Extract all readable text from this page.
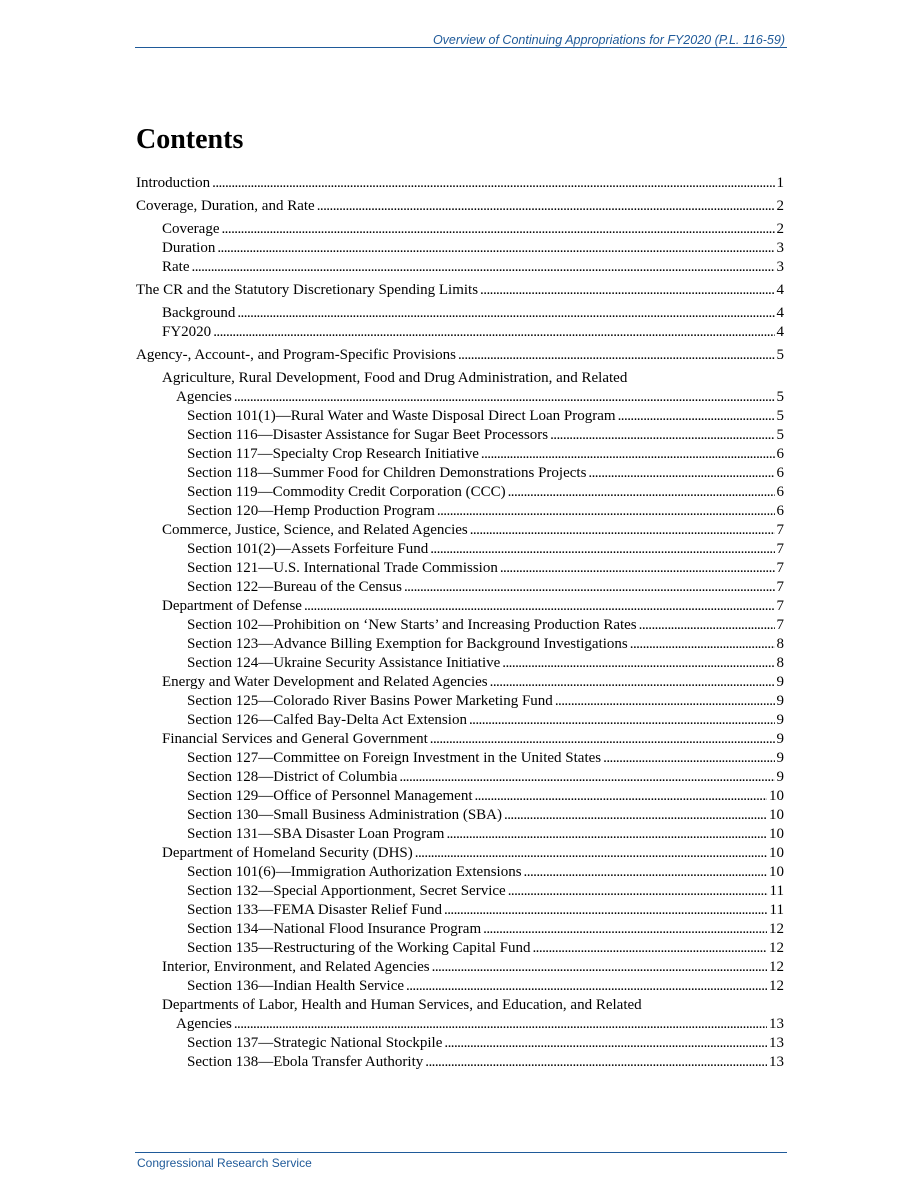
Overview of Continuing Appropriations for FY2020 (P.L. 116-59)
Contents
Introduction . . .	1
Coverage, Duration, and Rate . . .	2
Coverage . . .	2
Duration . . .	3
Rate . . .	3
The CR and the Statutory Discretionary Spending Limits . . .	4
Background . . .	4
FY2020 . . .	4
Agency-, Account-, and Program-Specific Provisions . . .	5
Agriculture, Rural Development, Food and Drug Administration, and Related
Agencies . . .	5
Section 101(1)—Rural Water and Waste Disposal Direct Loan Program . . .	5
Section 116—Disaster Assistance for Sugar Beet Processors . . .	5
Section 117—Specialty Crop Research Initiative . . .	6
Section 118—Summer Food for Children Demonstrations Projects . . .	6
Section 119—Commodity Credit Corporation (CCC) . . .	6
Section 120—Hemp Production Program . . .	6
Commerce, Justice, Science, and Related Agencies . . .	7
Section 101(2)—Assets Forfeiture Fund . . .	7
Section 121—U.S. International Trade Commission . . .	7
Section 122—Bureau of the Census . . .	7
Department of Defense . . .	7
Section 102—Prohibition on ‘New Starts’ and Increasing Production Rates . . .	7
Section 123—Advance Billing Exemption for Background Investigations . . .	8
Section 124—Ukraine Security Assistance Initiative . . .	8
Energy and Water Development and Related Agencies . . .	9
Section 125—Colorado River Basins Power Marketing Fund . . .	9
Section 126—Calfed Bay-Delta Act Extension . . .	9
Financial Services and General Government . . .	9
Section 127—Committee on Foreign Investment in the United States . . .	9
Section 128—District of Columbia . . .	9
Section 129—Office of Personnel Management . . .	10
Section 130—Small Business Administration (SBA) . . .	10
Section 131—SBA Disaster Loan Program . . .	10
Department of Homeland Security (DHS) . . .	10
Section 101(6)—Immigration Authorization Extensions . . .	10
Section 132—Special Apportionment, Secret Service . . .	11
Section 133—FEMA Disaster Relief Fund . . .	11
Section 134—National Flood Insurance Program . . .	12
Section 135—Restructuring of the Working Capital Fund . . .	12
Interior, Environment, and Related Agencies . . .	12
Section 136—Indian Health Service . . .	12
Departments of Labor, Health and Human Services, and Education, and Related
Agencies . . .	13
Section 137—Strategic National Stockpile . . .	13
Section 138—Ebola Transfer Authority . . .	13
Congressional Research Service
